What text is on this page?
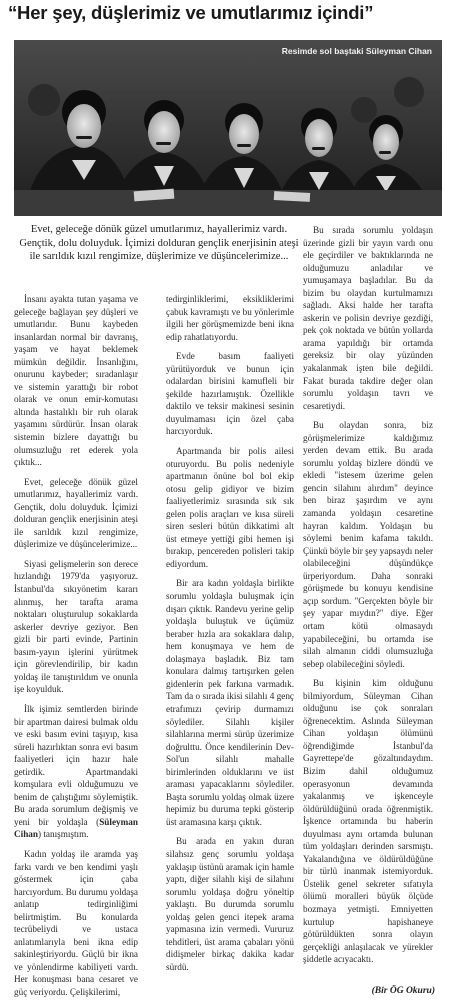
“Her şey, düşlerimiz ve umutlarımız içindi”
Resimde sol baştaki Süleyman Cihan
Evet, geleceğe dönük güzel umutlarımız, hayallerimiz vardı. Gençtik, dolu doluyduk. İçimizi dolduran gençlik enerjisinin ateşi ile sarıldık kızıl rengimize, düşlerimize ve düşüncelerimize...

İnsanı ayakta tutan yaşama ve geleceğe bağlayan şey düşleri ve umutlarıdır. Bunu kaybeden insanlardan normal bir davranış, yaşam ve hayat beklemek mümkün değildir. İnsanlığını, onurunu kaybeder; sıradanlaşır ve sistemin yarattığı bir robot olarak ve onun emir-komutası altında hastalıklı bir ruh olarak yaşamını sürdürür. İnsan olarak sistemin bizlere dayattığı bu olumsuzluğu ret ederek yola çıktık...

Evet, geleceğe dönük güzel umutlarımız, hayallerimiz vardı. Gençtik, dolu doluyduk. İçimizi dolduran gençlik enerjisinin ateşi ile sarıldık kızıl rengimize, düşlerimize ve düşüncelerimize...

Siyasi gelişmelerin son derece hızlandığı 1979'da yaşıyoruz. İstanbul'da sıkıyönetim kararı alınmış, her tarafta arama noktaları oluşturulup sokaklarda askerler devriye geziyor. Ben gizli bir parti evinde, Partinin basım-yayın işlerini yürütmek için görevlendirilip, bir kadın yoldaş ile tanıştırıldım ve onunla işe koyulduk.

İlk işimiz semtlerden birinde bir apartman dairesi bulmak oldu ve eski basım evini taşıyıp, kısa süreli hazırlıktan sonra evi basım faaliyetleri için hazır hale getirdik. Apartmandaki komşulara evli olduğumuzu ve benim de çalıştığımı söylemiştik. Bu arada sorumlum değişmiş ve yeni bir yoldaşla (Süleyman Cihan) tanışmıştım.

Kadın yoldaş ile aramda yaş farkı vardı ve ben kendimi yaşlı göstermek için çaba harcıyordum. Bu durumu yoldaşa anlatıp tedirginliğimi belirtmiştim. Bu konularda tecrübeliydi ve ustaca anlatımlarıyla beni ikna edip sakinleştiriyordu. Güçlü bir ikna ve yönlendirme kabiliyeti vardı. Her konuşması bana cesaret ve güç veriyordu. Çelişkilerimi,

tedirginliklerimi, eksikliklerimi çabuk kavramıştı ve bu yönlerimle ilgili her görüşmemizde beni ikna edip rahatlatıyordu.

Evde basım faaliyeti yürütüyorduk ve bunun için odalardan birisini kamufleli bir şekilde hazırlamıştık. Özellikle daktilo ve teksir makinesi sesinin duyulmaması için özel çaba harcıyorduk.

Apartmanda bir polis ailesi oturuyordu. Bu polis nedeniyle apartmanın önüne bol bol ekip otosu gelip gidiyor ve bizim faaliyetlerimiz sırasında sık sık gelen polis araçları ve kısa süreli siren sesleri bütün dikkatimi alt üst etmeye yettiği gibi hemen işi bırakıp, pencereden polisleri takip ediyordum.

Bir ara kadın yoldaşla birlikte sorumlu yoldaşla buluşmak için dışarı çıktık. Randevu yerine gelip yoldaşla buluştuk ve üçümüz beraber hızla ara sokaklara dalıp, hem konuşmaya ve hem de dolaşmaya başladık. Biz tam konulara dalmış tartışırken gelen gidenlerin pek farkına varmadık. Tam da o sırada ikisi silahlı 4 genç etrafımızı çevirip durmamızı söylediler. Silahlı kişiler silahlarına mermi sürüp üzerimize doğrulttu. Önce kendilerinin Dev-Sol'un silahlı mahalle birimlerinden olduklarını ve üst araması yapacaklarını söylediler. Başta sorumlu yoldaş olmak üzere hepimiz bu duruma tepki gösterip üst aramasına karşı çıktık.

Bu arada en yakın duran silahsız genç sorumlu yoldaşa yaklaşıp üstünü aramak için hamle yaptı, diğer silahlı kişi de silahını sorumlu yoldaşa doğru yöneltip yaklaştı. Bu durumda sorumlu yoldaş gelen genci itерek arama yapmasına izin vermedi. Vururuz tehditleri, üst arama çabaları yönü didişmeler birkaç dakika kadar sürdü.

Bu sırada sorumlu yoldaşın üzerinde gizli bir yayın vardı onu ele geçirdiler ve baktıklarında ne olduğumuzu anladılar ve yumuşamaya başladılar. Bu da bizim bu olaydan kurtulmamızı sağladı. Aksi halde her tarafta askerin ve polisin devriye gezdiği, pek çok noktada ve bütün yollarda arama yapıldığı bir ortamda gereksiz bir olay yüzünden yakalanmak işten bile değildi. Fakat burada takdire değer olan sorumlu yoldaşın tavrı ve cesaretiydi.

Bu olaydan sonra, biz görüşmelerimize kaldığımız yerden devam ettik. Bu arada sorumlu yoldaş bizlere döndü ve ekledi "istesem üzerime gelen gencin silahını alırdım" deyince ben biraz şaşırdım ve aynı zamanda yoldaşın cesaretine hayran kaldım. Yoldaşın bu söylemi benim kafama takıldı. Çünkü böyle bir şey yapsaydı neler olabileceğini düşündükçe ürperiyordum. Daha sonraki görüşmede bu konuyu kendisine açıp sordum. "Gerçekten böyle bir şey yapar mıydın?" diye. Eğer ortam kötü olmasaydı yapabileceğini, bu ortamda ise silah almanın ciddi olumsuzluğa sebep olabileceğini söyledi.

Bu kişinin kim olduğunu bilmiyordum, Süleyman Cihan olduğunu ise çok sonraları öğrenecektim. Aslında Süleyman Cihan yoldaşın ölümünü öğrendiğimde İstanbul'da Gayrettepe'de gözaltındaydım. Bizim dahil olduğumuz operasyonun devamında yakalanmış ve işkenceyle öldürüldüğünü orada öğrenmiştik. İşkence ortamında bu haberin duyulması aynı ortamda bulunan tüm yoldaşları derinden sarsmıştı. Yakalandığına ve öldürüldüğüne bir türlü inanmak istemiyorduk. Üstelik genel sekreter sıfatıyla ölümü moralleri büyük ölçüde bozmaya yetmişti. Emniyetten kurtulup hapishaneye götürüldükten sonra olayın gerçekliği anlaşılacak ve yürekler şiddetle acıyacaktı.

(Bir ÖG Okuru)
